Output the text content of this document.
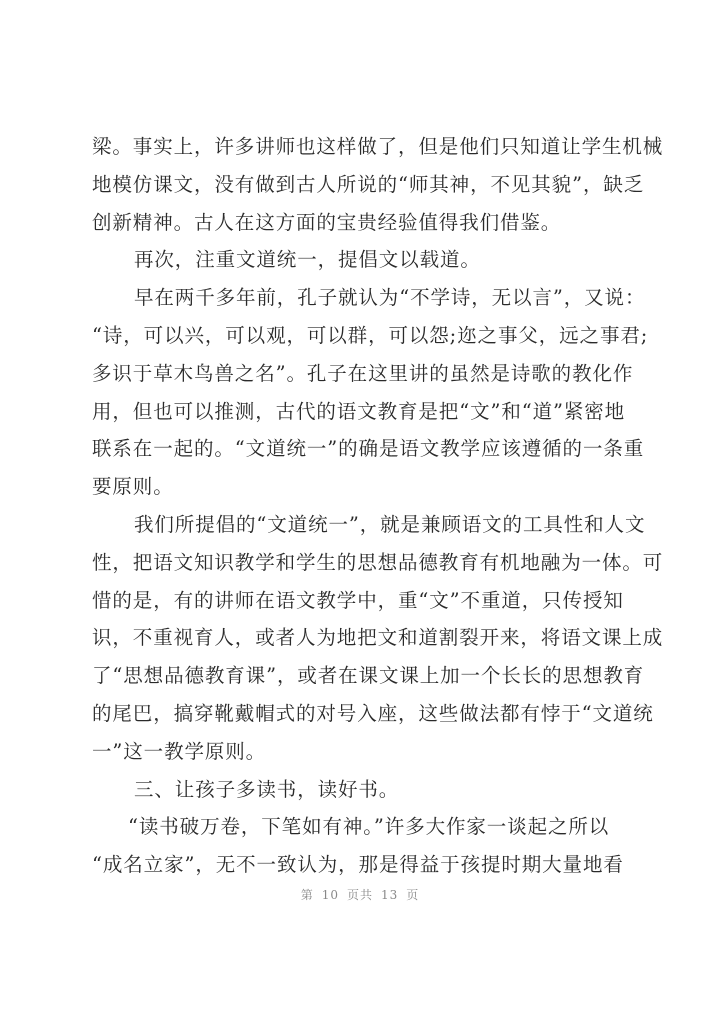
梁。事实上，许多讲师也这样做了，但是他们只知道让学生机械
地模仿课文，没有做到古人所说的“师其神，不见其貌”，缺乏
创新精神。古人在这方面的宝贵经验值得我们借鉴。
再次，注重文道统一，提倡文以载道。
早在两千多年前，孔子就认为“不学诗，无以言”，又说：
“诗，可以兴，可以观，可以群，可以怨;迩之事父，远之事君;
多识于草木鸟兽之名”。孔子在这里讲的虽然是诗歌的教化作
用，但也可以推测，古代的语文教育是把“文”和“道”紧密地
联系在一起的。“文道统一”的确是语文教学应该遵循的一条重
要原则。
我们所提倡的“文道统一”，就是兼顾语文的工具性和人文
性，把语文知识教学和学生的思想品德教育有机地融为一体。可
惜的是，有的讲师在语文教学中，重“文”不重道，只传授知
识，不重视育人，或者人为地把文和道割裂开来，将语文课上成
了“思想品德教育课”，或者在课文课上加一个长长的思想教育
的尾巴，搞穿靴戴帽式的对号入座，这些做法都有悖于“文道统
一”这一教学原则。
三、让孩子多读书，读好书。
“读书破万卷，下笔如有神。”许多大作家一谈起之所以
“成名立家”，无不一致认为，那是得益于孩提时期大量地看
第 10 页共 13 页
